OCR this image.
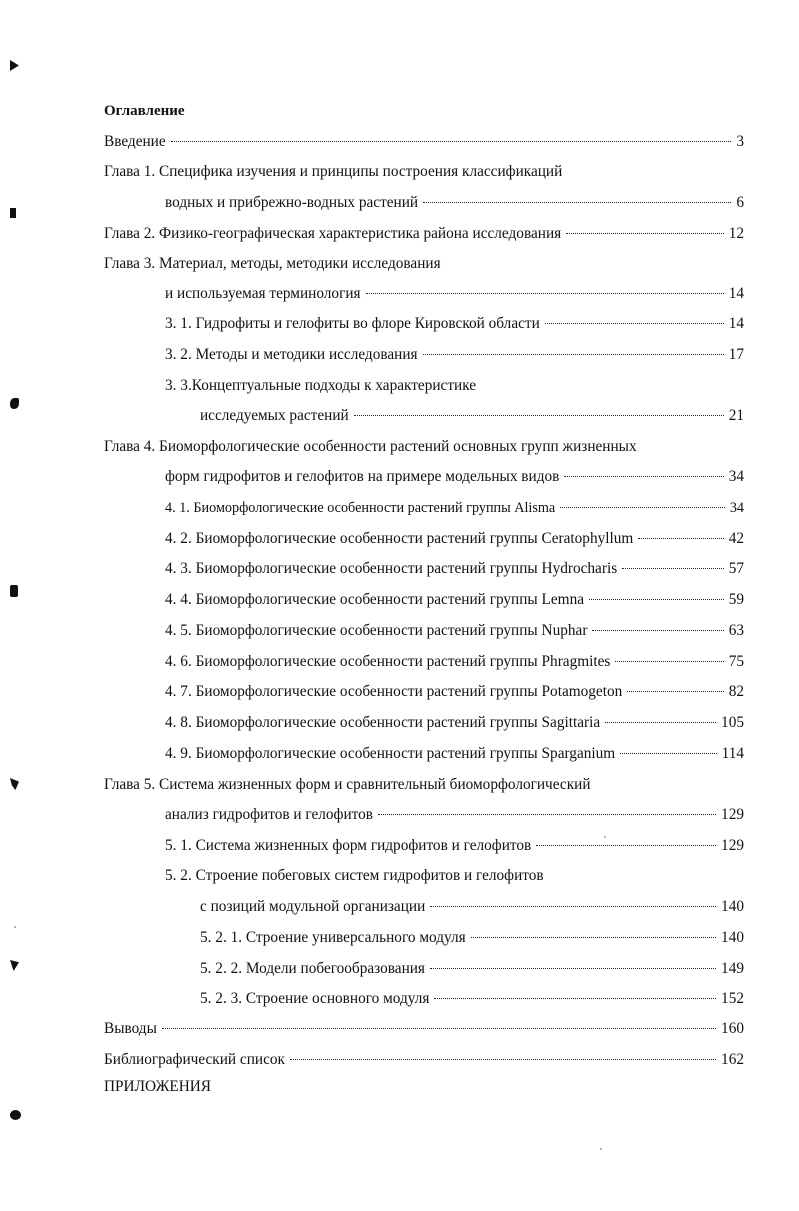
Оглавление
Введение	3
Глава 1. Специфика изучения и принципы построения классификаций
водных и прибрежно-водных растений	6
Глава 2. Физико-географическая характеристика района исследования	12
Глава 3. Материал, методы, методики исследования
и используемая терминология	14
3. 1. Гидрофиты и гелофиты во флоре Кировской области	14
3. 2. Методы и методики исследования	17
3. 3.Концептуальные подходы к характеристике
исследуемых растений	21
Глава 4. Биоморфологические особенности растений основных групп жизненных
форм гидрофитов и гелофитов на примере модельных видов	34
4. 1. Биоморфологические особенности растений группы Alisma	34
4. 2. Биоморфологические особенности растений группы Ceratophyllum	42
4. 3. Биоморфологические особенности растений группы Hydrocharis	57
4. 4. Биоморфологические особенности растений группы Lemna	59
4. 5. Биоморфологические особенности растений группы Nuphar	63
4. 6. Биоморфологические особенности растений группы Phragmites	75
4. 7. Биоморфологические особенности растений группы Potamogeton	82
4. 8. Биоморфологические особенности растений группы Sagittaria	105
4. 9. Биоморфологические особенности растений группы Sparganium	114
Глава 5. Система жизненных форм и сравнительный биоморфологический
анализ гидрофитов и гелофитов	129
5. 1. Система жизненных форм гидрофитов и гелофитов	129
5. 2. Строение побеговых систем гидрофитов и гелофитов
с позиций модульной организации	140
5. 2. 1. Строение универсального модуля	140
5. 2. 2. Модели побегообразования	149
5. 2. 3. Строение основного модуля	152
Выводы	160
Библиографический список	162
ПРИЛОЖЕНИЯ
